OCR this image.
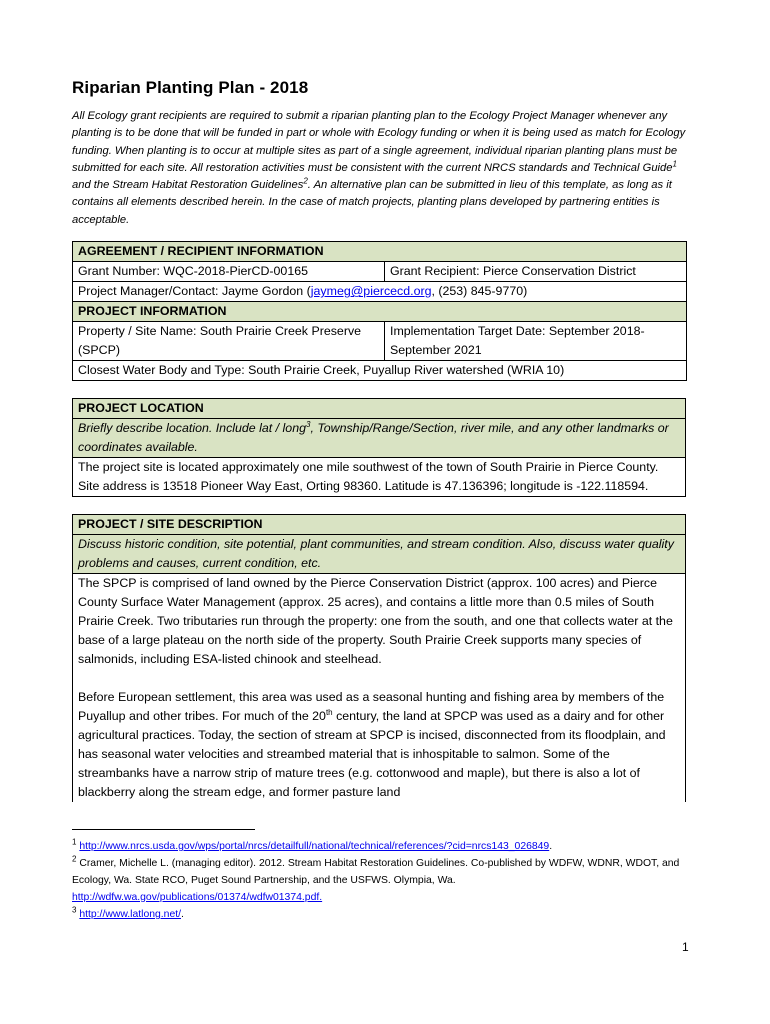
Riparian Planting Plan - 2018

All Ecology grant recipients are required to submit a riparian planting plan to the Ecology Project Manager whenever any planting is to be done that will be funded in part or whole with Ecology funding or when it is being used as match for Ecology funding. When planting is to occur at multiple sites as part of a single agreement, individual riparian planting plans must be submitted for each site. All restoration activities must be consistent with the current NRCS standards and Technical Guide$^1$ and the Stream Habitat Restoration Guidelines$^2$. An alternative plan can be submitted in lieu of this template, as long as it contains all elements described herein. In the case of match projects, planting plans developed by partnering entities is acceptable.

AGREEMENT / RECIPIENT INFORMATION	
Grant Number: WQC-2018-PierCD-00165	Grant Recipient: Pierce Conservation District
Project Manager/Contact: Jayme Gordon (jaymeg@piercecd.org, (253) 845-9770)	
PROJECT INFORMATION	
Property / Site Name: South Prairie Creek Preserve (SPCP)	Implementation Target Date: September 2018-September 2021
Closest Water Body and Type: South Prairie Creek, Puyallup River watershed (WRIA 10)	
PROJECT LOCATION
Briefly describe location. Include lat / long$^3$, Township/Range/Section, river mile, and any other landmarks or coordinates available.
The project site is located approximately one mile southwest of the town of South Prairie in Pierce County. Site address is 13518 Pioneer Way East, Orting 98360. Latitude is 47.136396; longitude is -122.118594.
PROJECT / SITE DESCRIPTION
Discuss historic condition, site potential, plant communities, and stream condition. Also, discuss water quality problems and causes, current condition, etc.

The SPCP is comprised of land owned by the Pierce Conservation District (approx. 100 acres) and Pierce County Surface Water Management (approx. 25 acres), and contains a little more than 0.5 miles of South Prairie Creek. Two tributaries run through the property: one from the south, and one that collects water at the base of a large plateau on the north side of the property. South Prairie Creek supports many species of salmonids, including ESA-listed chinook and steelhead.
Before European settlement, this area was used as a seasonal hunting and fishing area by members of the Puyallup and other tribes. For much of the 20th century, the land at SPCP was used as a dairy and for other agricultural practices. Today, the section of stream at SPCP is incised, disconnected from its floodplain, and has seasonal water velocities and streambed material that is inhospitable to salmon. Some of the streambanks have a narrow strip of mature trees (e.g. cottonwood and maple), but there is also a lot of blackberry along the stream edge, and former pasture land

$^1$ http://www.nrcs.usda.gov/wps/portal/nrcs/detailfull/national/technical/references/?cid=nrcs143_026849.

$^2$ Cramer, Michelle L. (managing editor). 2012. Stream Habitat Restoration Guidelines. Co-published by WDFW, WDNR, WDOT, and Ecology, Wa. State RCO, Puget Sound Partnership, and the USFWS. Olympia, Wa.
http://wdfw.wa.gov/publications/01374/wdfw01374.pdf.

$^3$ http://www.latlong.net/.

1
